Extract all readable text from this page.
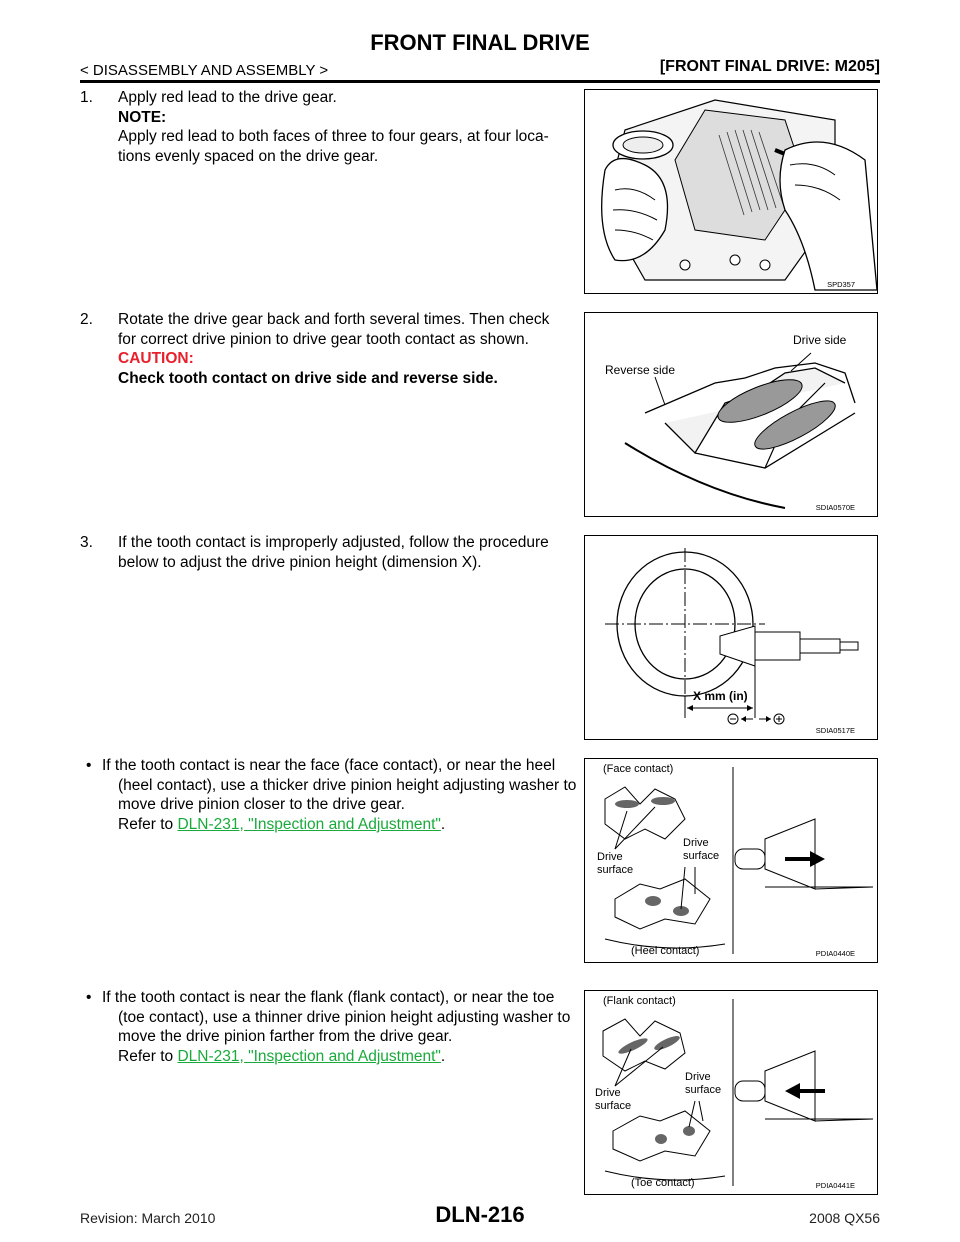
FRONT FINAL DRIVE
< DISASSEMBLY AND ASSEMBLY >	[FRONT FINAL DRIVE: M205]
1. Apply red lead to the drive gear.
NOTE:
Apply red lead to both faces of three to four gears, at four loca-
tions evenly spaced on the drive gear.
SPD357
2. Rotate the drive gear back and forth several times. Then check
for correct drive pinion to drive gear tooth contact as shown.
CAUTION:
Check tooth contact on drive side and reverse side.	Reverse side
Drive side
SDIA0570E
3. If the tooth contact is improperly adjusted, follow the procedure
below to adjust the drive pinion height (dimension X).
X mm (in)
SDIA0517E
• If the tooth contact is near the face (face contact), or near the heel
(heel contact), use a thicker drive pinion height adjusting washer to
move drive pinion closer to the drive gear.
Refer to DLN-231, "Inspection and Adjustment".
(Face contact)
(Heel contact)
Drive
surface
Drive
surface
PDIA0440E
• If the tooth contact is near the flank (flank contact), or near the toe
(toe contact), use a thinner drive pinion height adjusting washer to
move the drive pinion farther from the drive gear.
Refer to DLN-231, "Inspection and Adjustment".
(Flank contact)
(Toe contact)
Drive
surface
Drive
surface
PDIA0441E
Revision: March 2010	DLN-216	2008 QX56
